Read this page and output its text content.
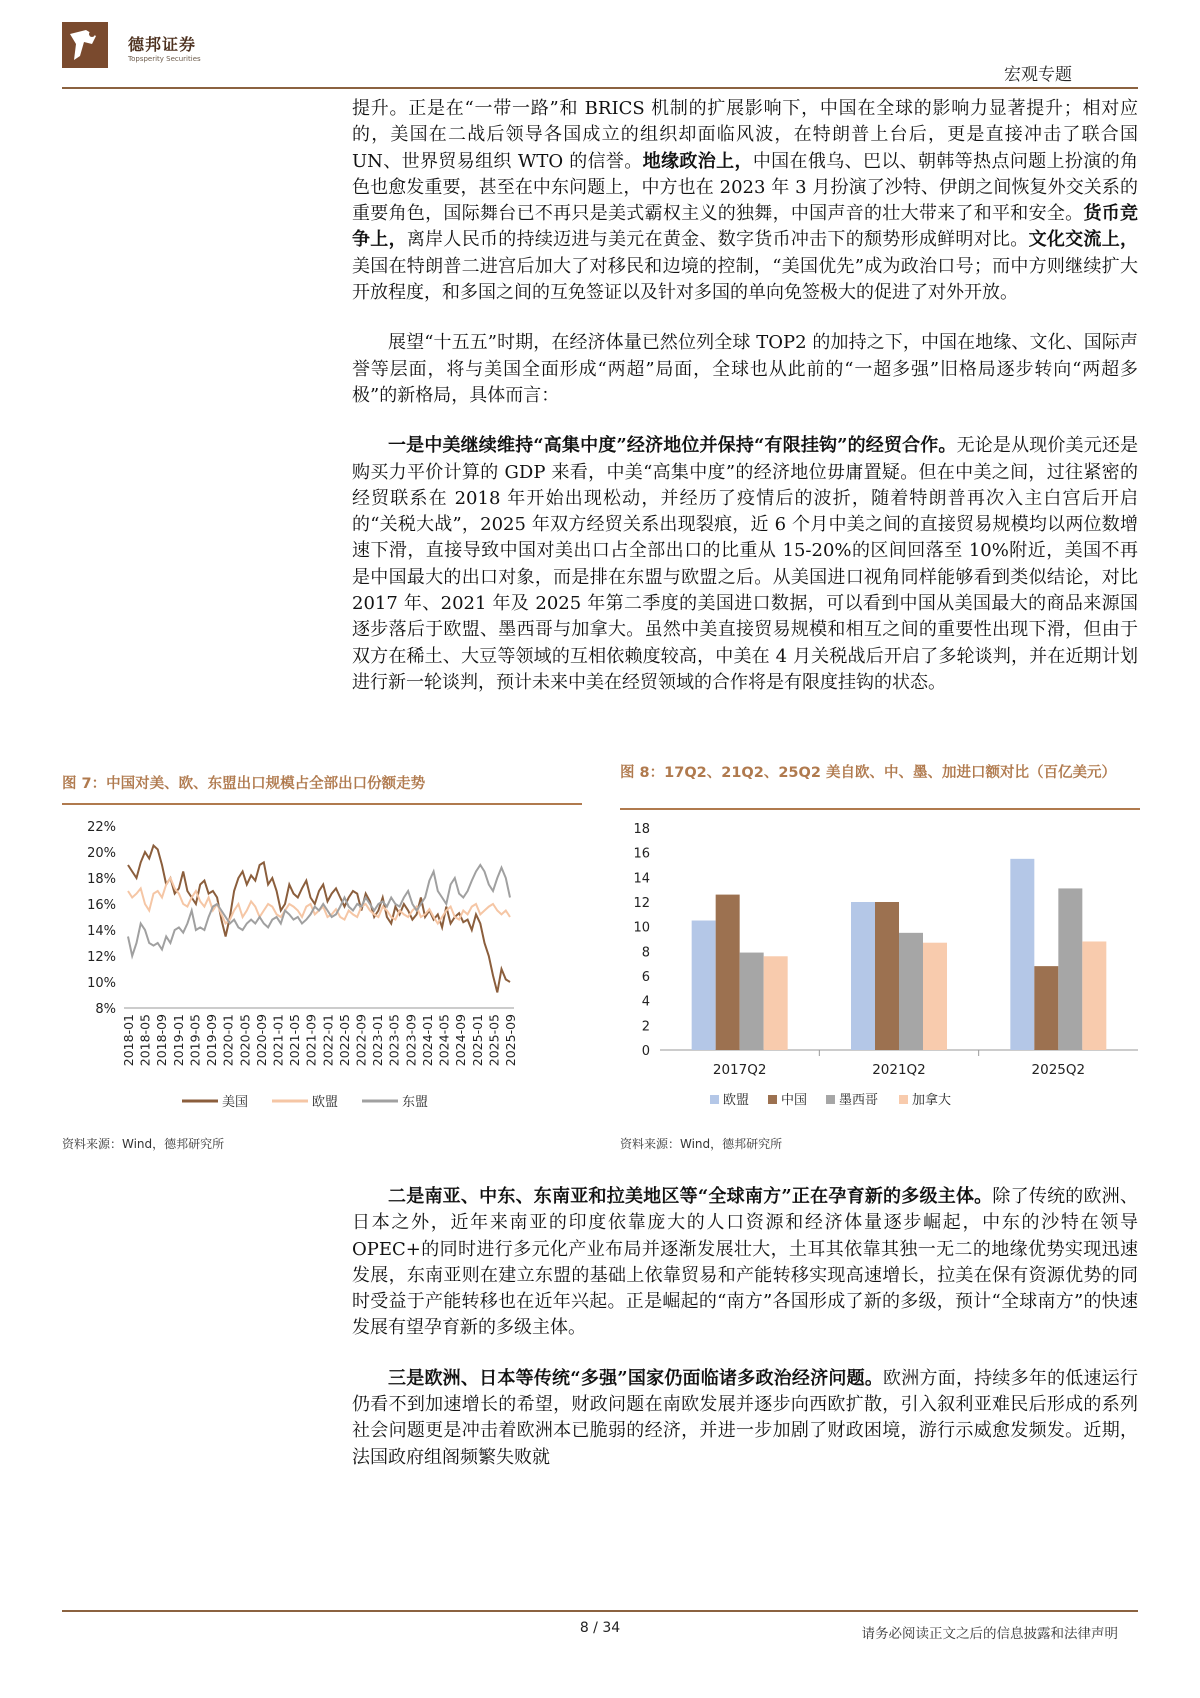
德邦证券
Topsperity Securities
宏观专题

提升。正是在“一带一路”和 BRICS 机制的扩展影响下，中国在全球的影响力显著提升；相对应的，美国在二战后领导各国成立的组织却面临风波，在特朗普上台后，更是直接冲击了联合国 UN、世界贸易组织 WTO 的信誉。地缘政治上，中国在俄乌、巴以、朝韩等热点问题上扮演的角色也愈发重要，甚至在中东问题上，中方也在 2023 年 3 月扮演了沙特、伊朗之间恢复外交关系的重要角色，国际舞台已不再只是美式霸权主义的独舞，中国声音的壮大带来了和平和安全。货币竞争上，离岸人民币的持续迈进与美元在黄金、数字货币冲击下的颓势形成鲜明对比。文化交流上，美国在特朗普二进宫后加大了对移民和边境的控制，“美国优先”成为政治口号；而中方则继续扩大开放程度，和多国之间的互免签证以及针对多国的单向免签极大的促进了对外开放。

展望“十五五”时期，在经济体量已然位列全球 TOP2 的加持之下，中国在地缘、文化、国际声誉等层面，将与美国全面形成“两超”局面，全球也从此前的“一超多强”旧格局逐步转向“两超多极”的新格局，具体而言：

一是中美继续维持“高集中度”经济地位并保持“有限挂钩”的经贸合作。无论是从现价美元还是购买力平价计算的 GDP 来看，中美“高集中度”的经济地位毋庸置疑。但在中美之间，过往紧密的经贸联系在 2018 年开始出现松动，并经历了疫情后的波折，随着特朗普再次入主白宫后开启的“关税大战”，2025 年双方经贸关系出现裂痕，近 6 个月中美之间的直接贸易规模均以两位数增速下滑，直接导致中国对美出口占全部出口的比重从 15-20%的区间回落至 10%附近，美国不再是中国最大的出口对象，而是排在东盟与欧盟之后。从美国进口视角同样能够看到类似结论，对比 2017 年、2021 年及 2025 年第二季度的美国进口数据，可以看到中国从美国最大的商品来源国逐步落后于欧盟、墨西哥与加拿大。虽然中美直接贸易规模和相互之间的重要性出现下滑，但由于双方在稀土、大豆等领域的互相依赖度较高，中美在 4 月关税战后开启了多轮谈判，并在近期计划进行新一轮谈判，预计未来中美在经贸领域的合作将是有限度挂钩的状态。

图 7：中国对美、欧、东盟出口规模占全部出口份额走势
22%
20%
18%
16%
14%
12%
10%
8%
2018-01 2018-05 2018-09 2019-01 2019-05 2019-09 2020-01 2020-05 2020-09 2021-01 2021-05 2021-09 2022-01 2022-05 2022-09 2023-01 2023-05 2023-09 2024-01 2024-05 2024-09 2025-01 2025-05 2025-09
美国	欧盟	东盟
资料来源：Wind，德邦研究所
图 8：17Q2、21Q2、25Q2 美自欧、中、墨、加进口额对比（百亿美元）
18
16
14
12
10
8
6
4
2
0
2017Q2	2021Q2	2025Q2
欧盟 中国 墨西哥	加拿大
资料来源：Wind，德邦研究所

二是南亚、中东、东南亚和拉美地区等“全球南方”正在孕育新的多级主体。除了传统的欧洲、日本之外，近年来南亚的印度依靠庞大的人口资源和经济体量逐步崛起，中东的沙特在领导 OPEC+的同时进行多元化产业布局并逐渐发展壮大，土耳其依靠其独一无二的地缘优势实现迅速发展，东南亚则在建立东盟的基础上依靠贸易和产能转移实现高速增长，拉美在保有资源优势的同时受益于产能转移也在近年兴起。正是崛起的“南方”各国形成了新的多级，预计“全球南方”的快速发展有望孕育新的多级主体。

三是欧洲、日本等传统“多强”国家仍面临诸多政治经济问题。欧洲方面，持续多年的低速运行仍看不到加速增长的希望，财政问题在南欧发展并逐步向西欧扩散，引入叙利亚难民后形成的系列社会问题更是冲击着欧洲本已脆弱的经济，并进一步加剧了财政困境，游行示威愈发频发。近期，法国政府组阁频繁失败就

8 / 34	请务必阅读正文之后的信息披露和法律声明
